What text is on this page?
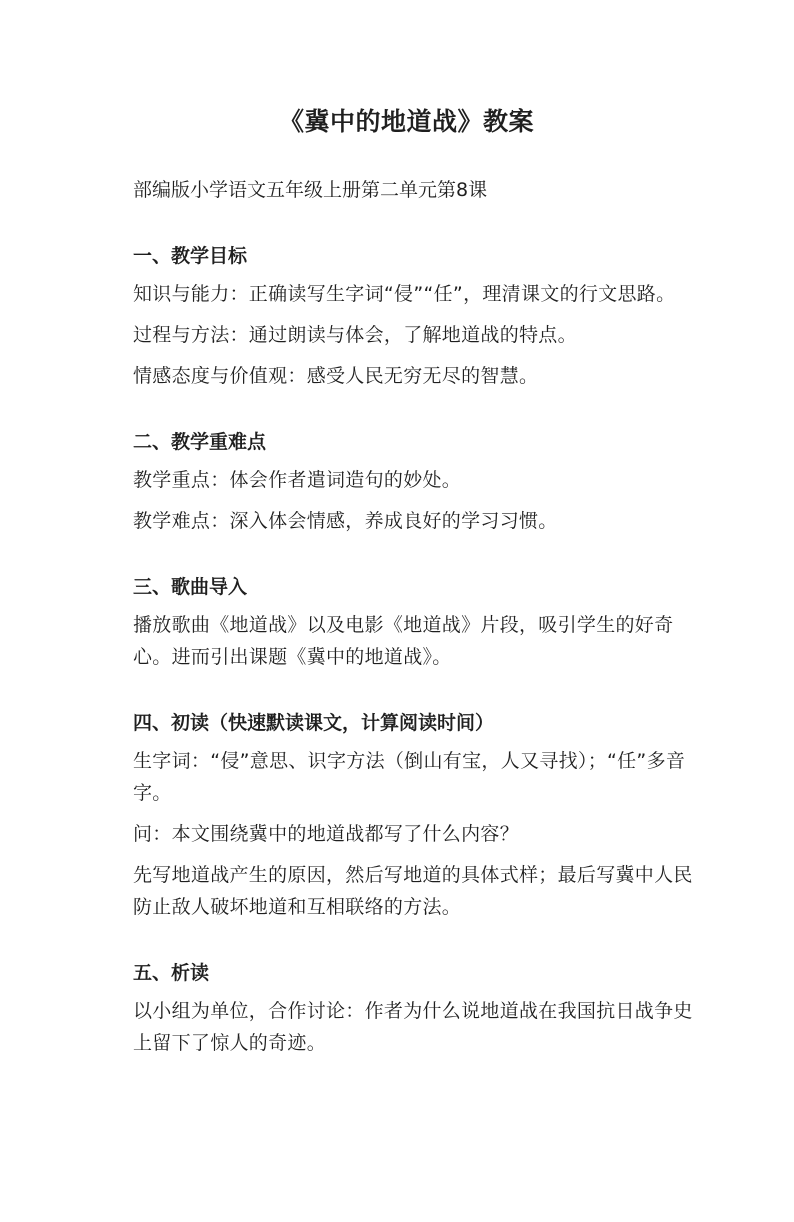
《冀中的地道战》教案
部编版小学语文五年级上册第二单元第8课
一、教学目标
知识与能力：正确读写生字词“侵”“任”，理清课文的行文思路。
过程与方法：通过朗读与体会，了解地道战的特点。
情感态度与价值观：感受人民无穷无尽的智慧。
二、教学重难点
教学重点：体会作者遣词造句的妙处。
教学难点：深入体会情感，养成良好的学习习惯。
三、歌曲导入
播放歌曲《地道战》以及电影《地道战》片段，吸引学生的好奇心。进而引出课题《冀中的地道战》。
四、初读（快速默读课文，计算阅读时间）
生字词：“侵”意思、识字方法（倒山有宝，人又寻找）；“任”多音字。
问：本文围绕冀中的地道战都写了什么内容？
先写地道战产生的原因，然后写地道的具体式样；最后写冀中人民防止敌人破坏地道和互相联络的方法。
五、析读
以小组为单位，合作讨论：作者为什么说地道战在我国抗日战争史上留下了惊人的奇迹。
